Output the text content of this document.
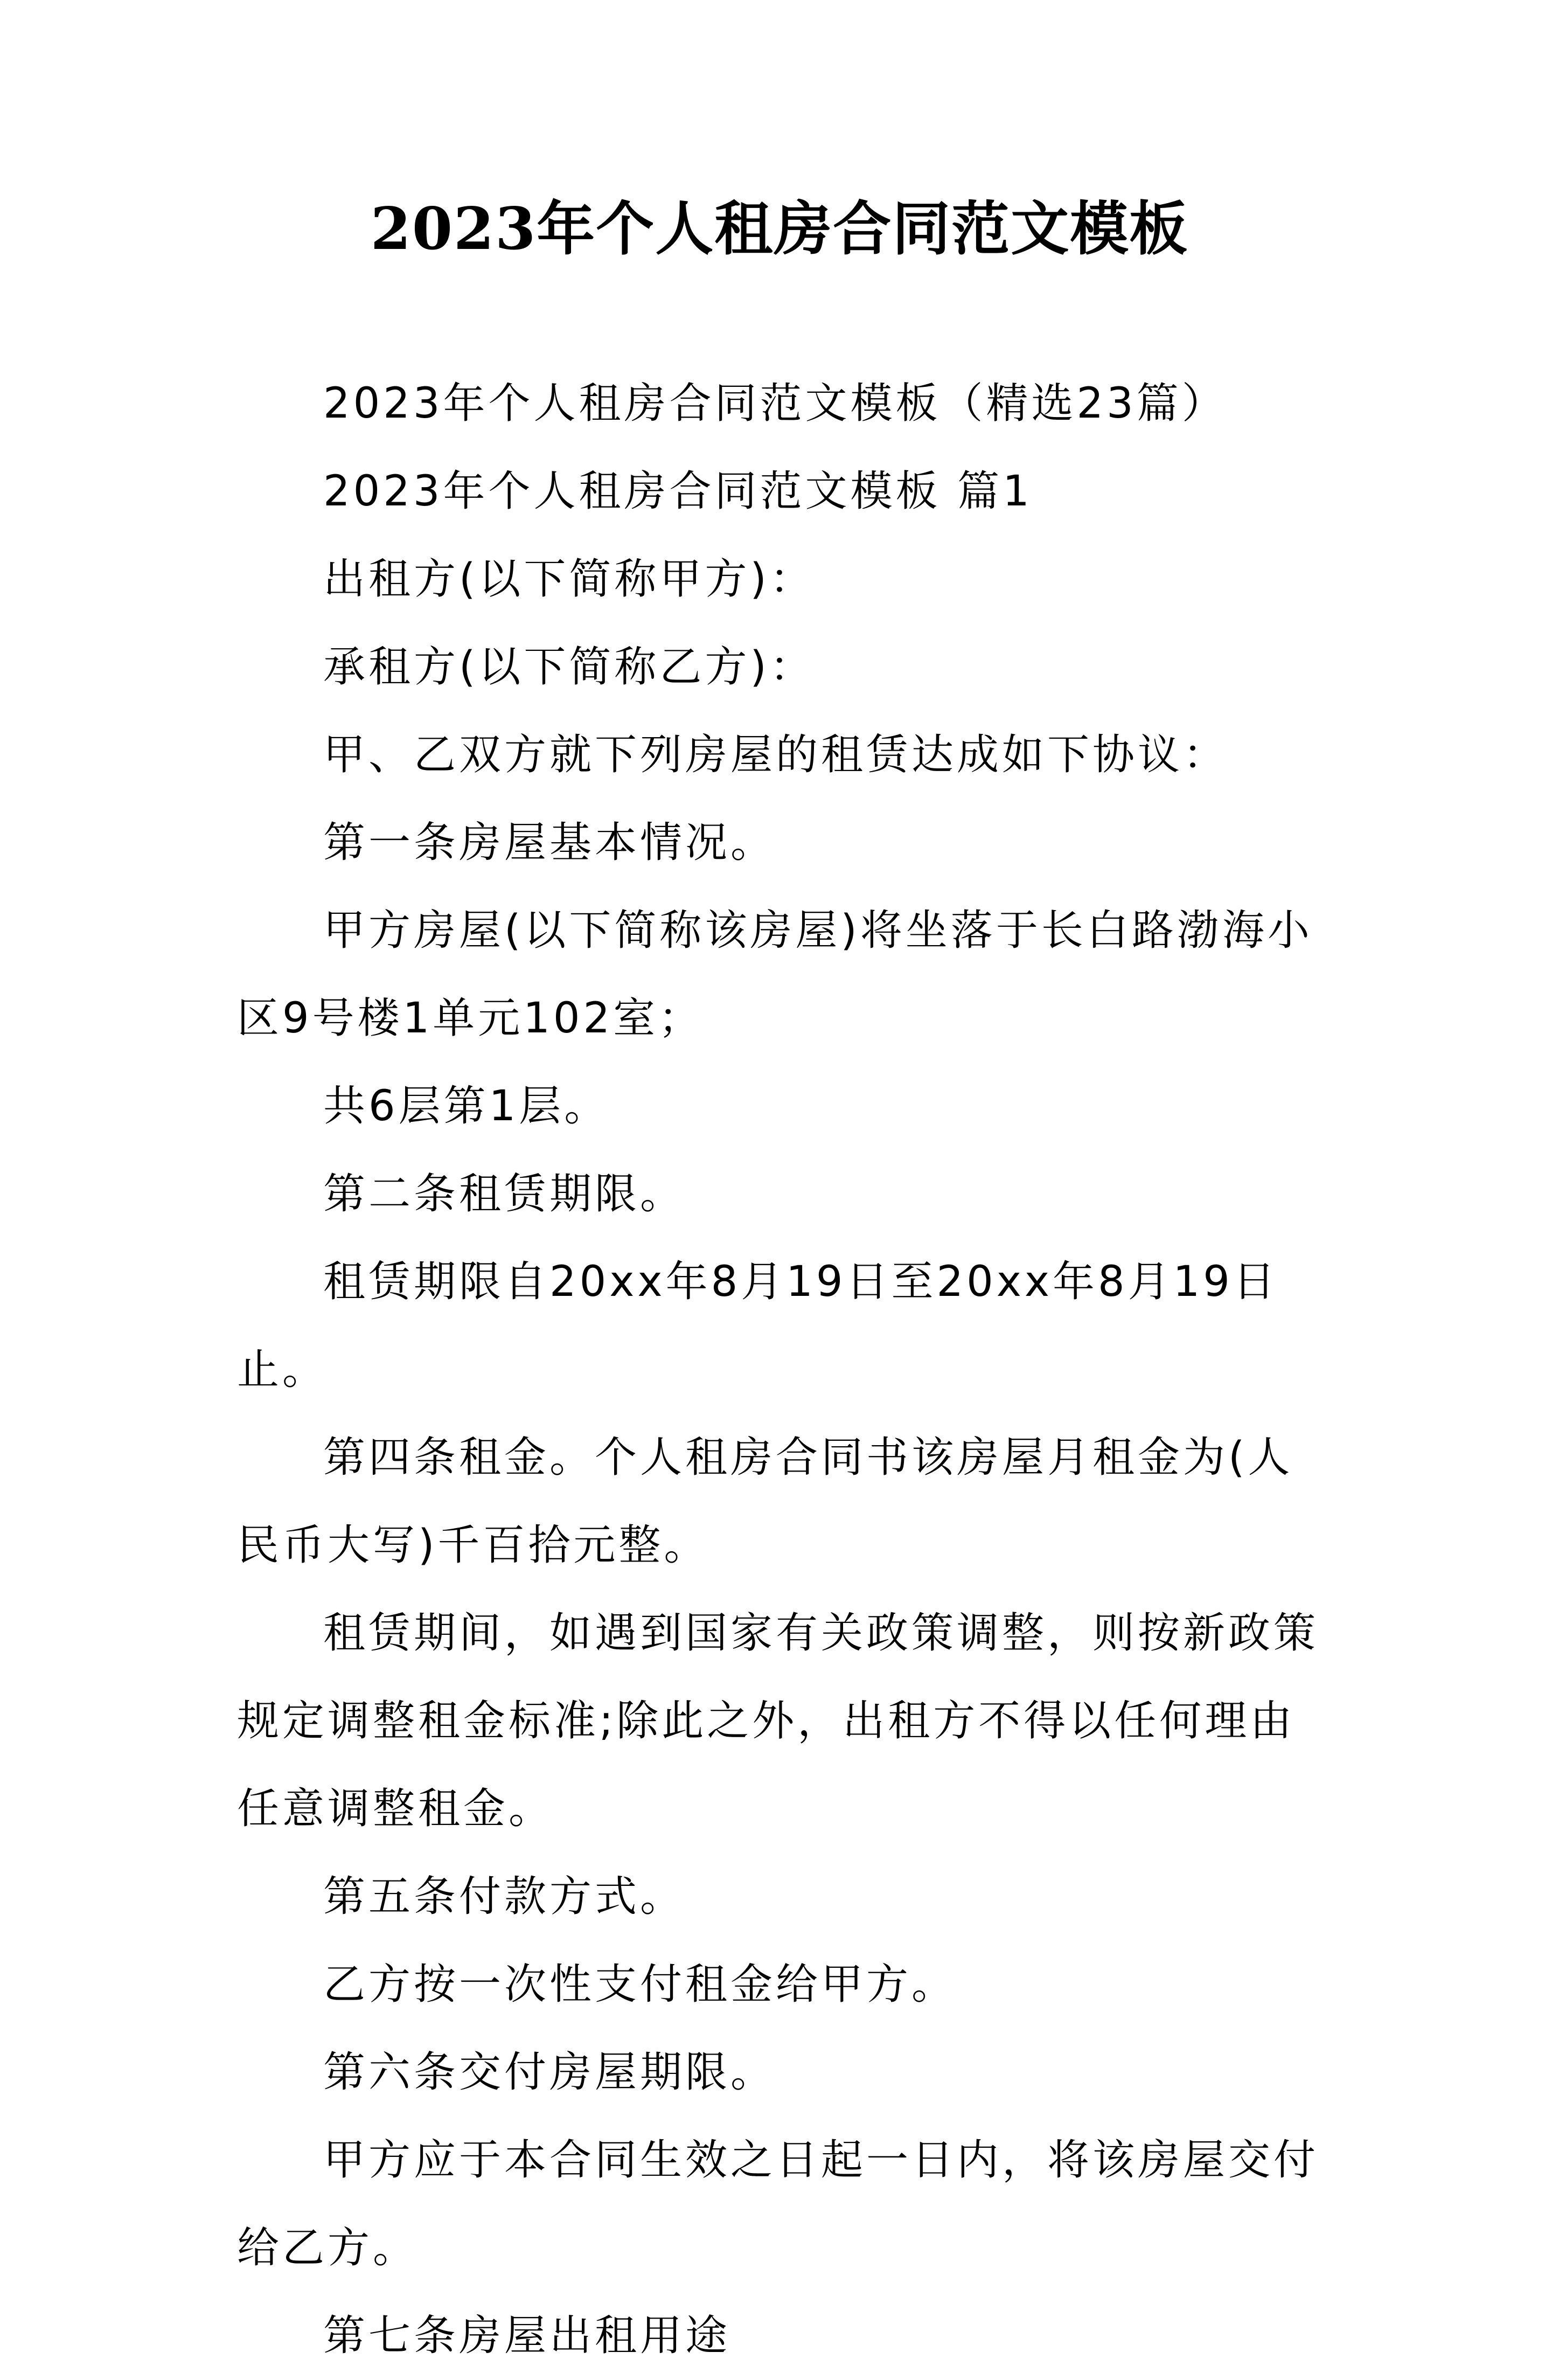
2023年个人租房合同范文模板

2023年个人租房合同范文模板（精选23篇）

2023年个人租房合同范文模板 篇1

出租方(以下简称甲方)：

承租方(以下简称乙方)：

甲、乙双方就下列房屋的租赁达成如下协议：

第一条房屋基本情况。

甲方房屋(以下简称该房屋)将坐落于长白路渤海小区9号楼1单元102室；

共6层第1层。

第二条租赁期限。

租赁期限自20xx年8月19日至20xx年8月19日止。

第四条租金。个人租房合同书该房屋月租金为(人民币大写)千百拾元整。

租赁期间，如遇到国家有关政策调整，则按新政策规定调整租金标准;除此之外，出租方不得以任何理由任意调整租金。

第五条付款方式。

乙方按一次性支付租金给甲方。

第六条交付房屋期限。

甲方应于本合同生效之日起一日内，将该房屋交付给乙方。

第七条房屋出租用途
